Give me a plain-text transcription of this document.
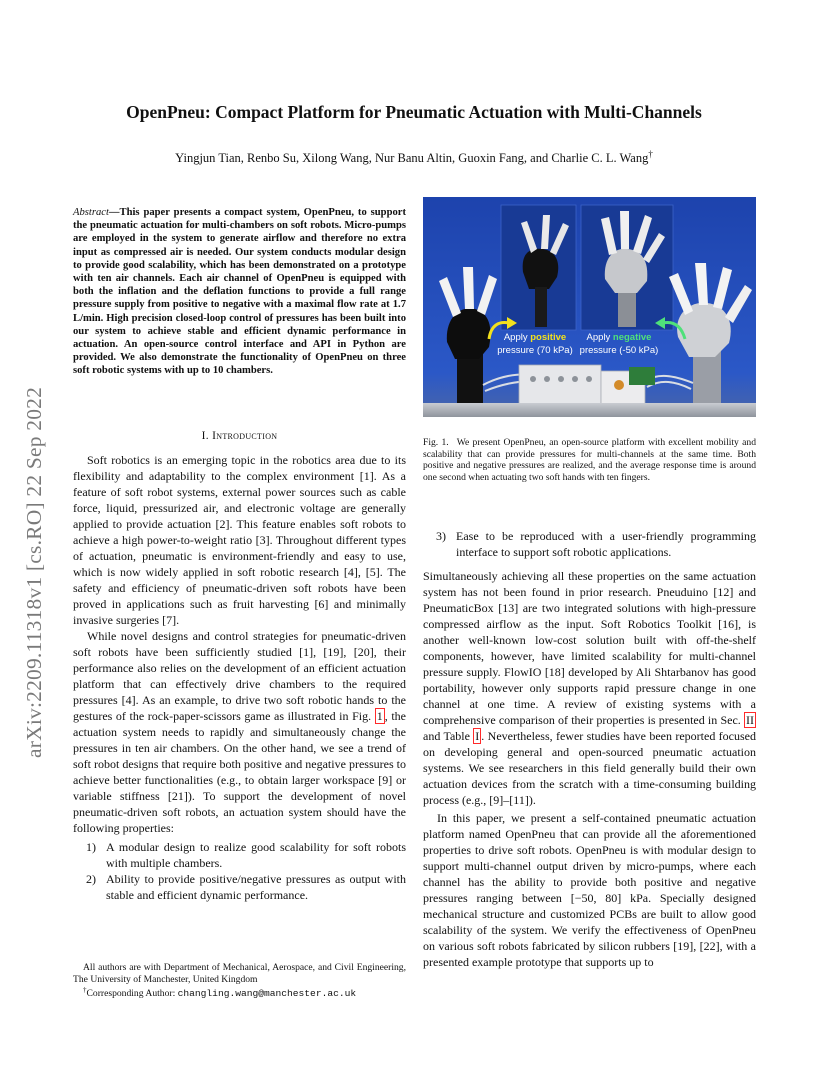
arXiv:2209.11318v1 [cs.RO] 22 Sep 2022
OpenPneu: Compact Platform for Pneumatic Actuation with Multi-Channels
Yingjun Tian, Renbo Su, Xilong Wang, Nur Banu Altin, Guoxin Fang, and Charlie C. L. Wang†
Abstract—This paper presents a compact system, OpenPneu, to support the pneumatic actuation for multi-chambers on soft robots. Micro-pumps are employed in the system to generate airflow and therefore no extra input as compressed air is needed. Our system conducts modular design to provide good scalability, which has been demonstrated on a prototype with ten air channels. Each air channel of OpenPneu is equipped with both the inflation and the deflation functions to provide a full range pressure supply from positive to negative with a maximal flow rate at 1.7 L/min. High precision closed-loop control of pressures has been built into our system to achieve stable and efficient dynamic performance in actuation. An open-source control interface and API in Python are provided. We also demonstrate the functionality of OpenPneu on three soft robotic systems with up to 10 chambers.
I. Introduction

Soft robotics is an emerging topic in the robotics area due to its flexibility and adaptability to the complex environment [1]. As a feature of soft robot systems, external power sources such as cable force, liquid, pressurized air, and electronic voltage are generally applied to provide actuation [2]. This feature enables soft robots to achieve a high power-to-weight ratio [3]. Throughout different types of actuation, pneumatic is environment-friendly and easy to use, which is now widely applied in soft robotic research [4], [5]. The safety and efficiency of pneumatic-driven soft robots have been proved in applications such as fruit harvesting [6] and minimally invasive surgeries [7].

While novel designs and control strategies for pneumatic-driven soft robots have been sufficiently studied [1], [19], [20], their performance also relies on the development of an efficient actuation platform that can effectively drive chambers to the required pressures [4]. As an example, to drive two soft robotic hands to the gestures of the rock-paper-scissors game as illustrated in Fig. 1 , the actuation system needs to rapidly and simultaneously change the pressures in ten air chambers. On the other hand, we see a trend of soft robot designs that require both positive and negative pressures to achieve better functionalities (e.g., to obtain larger workspace [9] or variable stiffness [21]). To support the development of novel pneumatic-driven soft robots, an actuation system should have the following properties:

1) A modular design to realize good scalability for soft robots with multiple chambers.
2) Ability to provide positive/negative pressures as output with stable and efficient dynamic performance.

All authors are with Department of Mechanical, Aerospace, and Civil Engineering, The University of Manchester, United Kingdom

†Corresponding Author: changling.wang@manchester.ac.uk

Apply positive
pressure (70 kPa)
Apply negative
pressure (-50 kPa)
Fig. 1. We present OpenPneu, an open-source platform with excellent mobility and scalability that can provide pressures for multi-channels at the same time. Both positive and negative pressures are realized, and the average response time is around one second when actuating two soft hands with ten fingers.
3) Ease to be reproduced with a user-friendly programming interface to support soft robotic applications.

Simultaneously achieving all these properties on the same actuation system has not been found in prior research. Pneuduino [12] and PneumaticBox [13] are two integrated solutions with high-pressure compressed airflow as the input. Soft Robotics Toolkit [16], is another well-known low-cost solution built with off-the-shelf components, however, have limited scalability for multi-channel pressure supply. FlowIO [18] developed by Ali Shtarbanov has good portability, however only supports rapid pressure change in one channel at one time. A review of existing systems with a comprehensive comparison of their properties is presented in Sec. II and Table I . Nevertheless, fewer studies have been reported focused on developing general and open-sourced pneumatic actuation systems. We see researchers in this field generally build their own actuation devices from the scratch with a time-consuming building process (e.g., [9]–[11]).

In this paper, we present a self-contained pneumatic actuation platform named OpenPneu that can provide all the aforementioned properties to drive soft robots. OpenPneu is with modular design to support multi-channel output driven by micro-pumps, where each channel has the ability to provide both positive and negative pressures ranging between [−50, 80] kPa. Specially designed mechanical structure and customized PCBs are built to allow good scalability of the system. We verify the effectiveness of OpenPneu on various soft robots fabricated by silicon rubbers [19], [22], with a presented example prototype that supports up to
